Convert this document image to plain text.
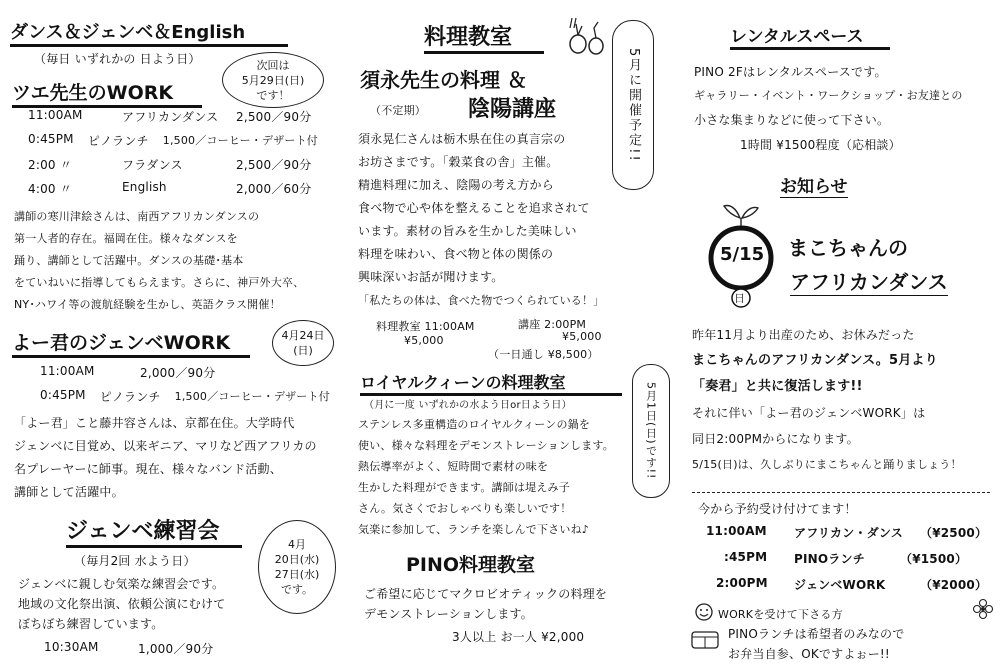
ダンス＆ジェンベ＆English
（毎日 いずれかの 日よう日）
ツエ先生のWORK
次回は
5月29日(日)
です！
11:00AM	アフリカンダンス	2,500／90分
0:45PM ピノランチ 1,500／コーヒー・デザート付
2:00 〃	フラダンス	2,500／90分
4:00 〃	English	2,000／60分
講師の寒川津絵さんは、南西アフリカンダンスの
第一人者的存在。福岡在住。様々なダンスを
踊り、講師として活躍中。ダンスの基礎･基本
をていねいに指導してもらえます。さらに、神戸外大卒、
NY･ハワイ等の渡航経験を生かし、英語クラス開催！
よー君のジェンベWORK	4月24日
(日)
11:00AM	2,000／90分
0:45PM ピノランチ 1,500／コーヒー・デザート付
「よー君」こと藤井容さんは、京都在住。大学時代
ジェンベに目覚め、以来ギニア、マリなど西アフリカの
名プレーヤーに師事。現在、様々なバンド活動、
講師として活躍中。
ジェンベ練習会
（毎月2回 水よう日）
4月
20日(水)
27日(水)
です。
ジェンベに親しむ気楽な練習会です。
地域の文化祭出演、依頼公演にむけて
ぼちぼち練習しています。
10:30AM	1,000／90分
料理教室
須永先生の料理 ＆
（不定期） 陰陽講座	5月に開催予定!!
須永晃仁さんは栃木県在住の真言宗の
お坊さまです。「穀菜食の舎」主催。
精進料理に加え、陰陽の考え方から
食べ物で心や体を整えることを追求されて
います。素材の旨みを生かした美味しい
料理を味わい、食べ物と体の関係の
興味深いお話が聞けます。
「私たちの体は、食べた物でつくられている！」
料理教室 11:00AM
¥5,000
講座 2:00PM
¥5,000
（一日通し ¥8,500）
ロイヤルクィーンの料理教室
（月に一度 いずれかの水よう日or日よう日）	5月1日(日)です!!
ステンレス多重構造のロイヤルクィーンの鍋を
使い、様々な料理をデモンストレーションします。
熱伝導率がよく、短時間で素材の味を
生かした料理ができます。講師は堤えみ子
さん。気さくでおしゃべりも楽しいです！
気楽に参加して、ランチを楽しんで下さいね♪
PINO料理教室
ご希望に応じてマクロビオティックの料理を
デモンストレーションします。
3人以上 お一人 ¥2,000
レンタルスペース
PINO 2Fはレンタルスペースです。
ギャラリー・イベント・ワークショップ・お友達との
小さな集まりなどに使って下さい。
1時間 ¥1500程度（応相談）
お知らせ
5/15
日
まこちゃんの
アフリカンダンス
昨年11月より出産のため、お休みだった
まこちゃんのアフリカンダンス。5月より
「奏君」と共に復活します!!
それに伴い「よー君のジェンベWORK」は
同日2:00PMからになります。
5/15(日)は、久しぶりにまこちゃんと踊りましょう！
今から予約受け付けてます！
11:00AM	アフリカン・ダンス （¥2500）
:45PM	PINOランチ	（¥1500）
2:00PM	ジェンベWORK	（¥2000）
WORKを受けて下さる方
PINOランチは希望者のみなので
お弁当自参、OKですよぉー!!
